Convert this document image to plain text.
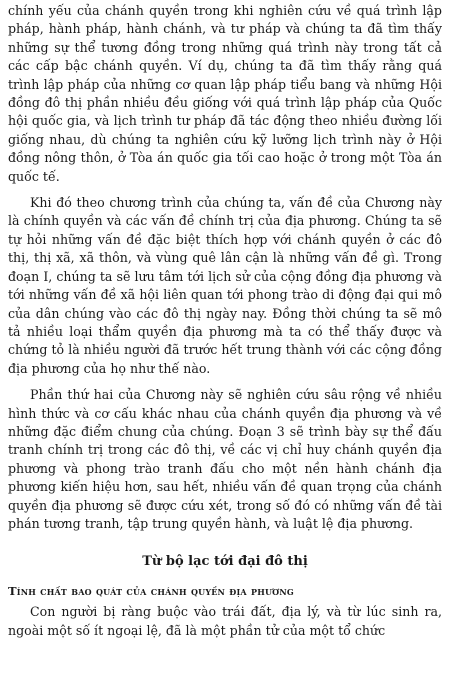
chính yếu của chánh quyền trong khi nghiên cứu về quá trình lập pháp, hành pháp, hành chánh, và tư pháp và chúng ta đã tìm thấy những sự thể tương đồng trong những quá trình này trong tất cả các cấp bậc chánh quyền. Ví dụ, chúng ta đã tìm thấy rằng quá trình lập pháp của những cơ quan lập pháp tiểu bang và những Hội đồng đô thị phần nhiều đều giống với quá trình lập pháp của Quốc hội quốc gia, và lịch trình tư pháp đã tác động theo nhiều đường lối giống nhau, dù chúng ta nghiên cứu kỹ lưỡng lịch trình này ở Hội đồng nông thôn, ở Tòa án quốc gia tối cao hoặc ở trong một Tòa án quốc tế.

Khi đó theo chương trình của chúng ta, vấn đề của Chương này là chính quyền và các vấn đề chính trị của địa phương. Chúng ta sẽ tự hỏi những vấn đề đặc biệt thích hợp với chánh quyền ở các đô thị, thị xã, xã thôn, và vùng quê lân cận là những vấn đề gì. Trong đoạn I, chúng ta sẽ lưu tâm tới lịch sử của cộng đồng địa phương và tới những vấn đề xã hội liên quan tới phong trào di động đại qui mô của dân chúng vào các đô thị ngày nay. Đồng thời chúng ta sẽ mô tả nhiều loại thẩm quyền địa phương mà ta có thể thấy được và chứng tỏ là nhiều người đã trước hết trung thành với các cộng đồng địa phương của họ như thế nào.

Phần thứ hai của Chương này sẽ nghiên cứu sâu rộng về nhiều hình thức và cơ cấu khác nhau của chánh quyền địa phương và về những đặc điểm chung của chúng. Đoạn 3 sẽ trình bày sự thể đấu tranh chính trị trong các đô thị, về các vị chỉ huy chánh quyền địa phương và phong trào tranh đấu cho một nền hành chánh địa phương kiến hiệu hơn, sau hết, nhiều vấn đề quan trọng của chánh quyền địa phương sẽ được cứu xét, trong số đó có những vấn đề tài phán tương tranh, tập trung quyền hành, và luật lệ địa phương.

Từ bộ lạc tới đại đô thị
Tính chất bao quát của chánh quyền địa phương

Con người bị ràng buộc vào trái đất, địa lý, và từ lúc sinh ra, ngoài một số ít ngoại lệ, đã là một phần tử của một tổ chức
